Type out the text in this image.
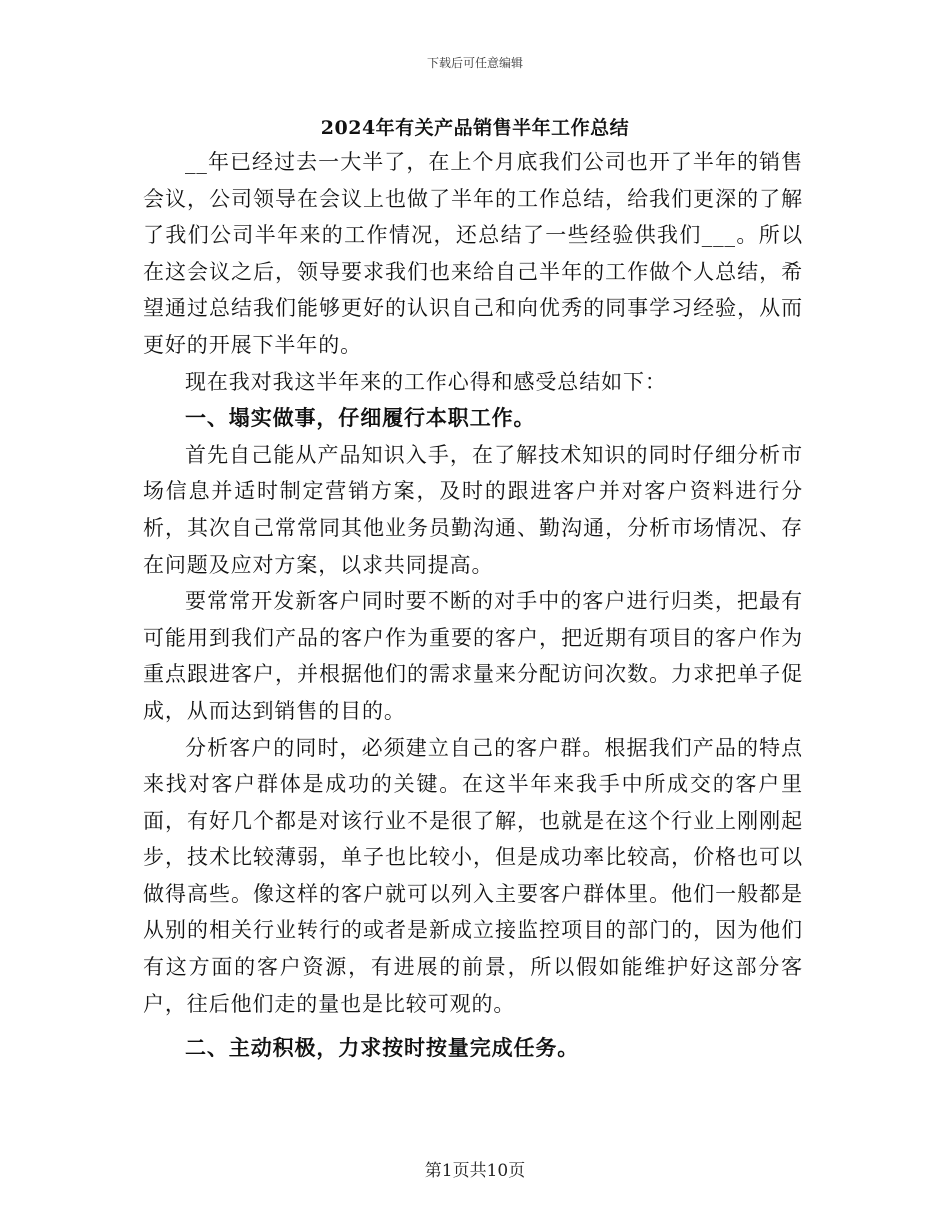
下载后可任意编辑
2024年有关产品销售半年工作总结

__年已经过去一大半了，在上个月底我们公司也开了半年的销售会议，公司领导在会议上也做了半年的工作总结，给我们更深的了解了我们公司半年来的工作情况，还总结了一些经验供我们___。所以在这会议之后，领导要求我们也来给自己半年的工作做个人总结，希望通过总结我们能够更好的认识自己和向优秀的同事学习经验，从而更好的开展下半年的。

现在我对我这半年来的工作心得和感受总结如下：

一、塌实做事，仔细履行本职工作。

首先自己能从产品知识入手，在了解技术知识的同时仔细分析市场信息并适时制定营销方案，及时的跟进客户并对客户资料进行分析，其次自己常常同其他业务员勤沟通、勤沟通，分析市场情况、存在问题及应对方案，以求共同提高。

要常常开发新客户同时要不断的对手中的客户进行归类，把最有可能用到我们产品的客户作为重要的客户，把近期有项目的客户作为重点跟进客户，并根据他们的需求量来分配访问次数。力求把单子促成，从而达到销售的目的。

分析客户的同时，必须建立自己的客户群。根据我们产品的特点来找对客户群体是成功的关键。在这半年来我手中所成交的客户里面，有好几个都是对该行业不是很了解，也就是在这个行业上刚刚起步，技术比较薄弱，单子也比较小，但是成功率比较高，价格也可以做得高些。像这样的客户就可以列入主要客户群体里。他们一般都是从别的相关行业转行的或者是新成立接监控项目的部门的，因为他们有这方面的客户资源，有进展的前景，所以假如能维护好这部分客户，往后他们走的量也是比较可观的。

二、主动积极，力求按时按量完成任务。

第1页共10页
